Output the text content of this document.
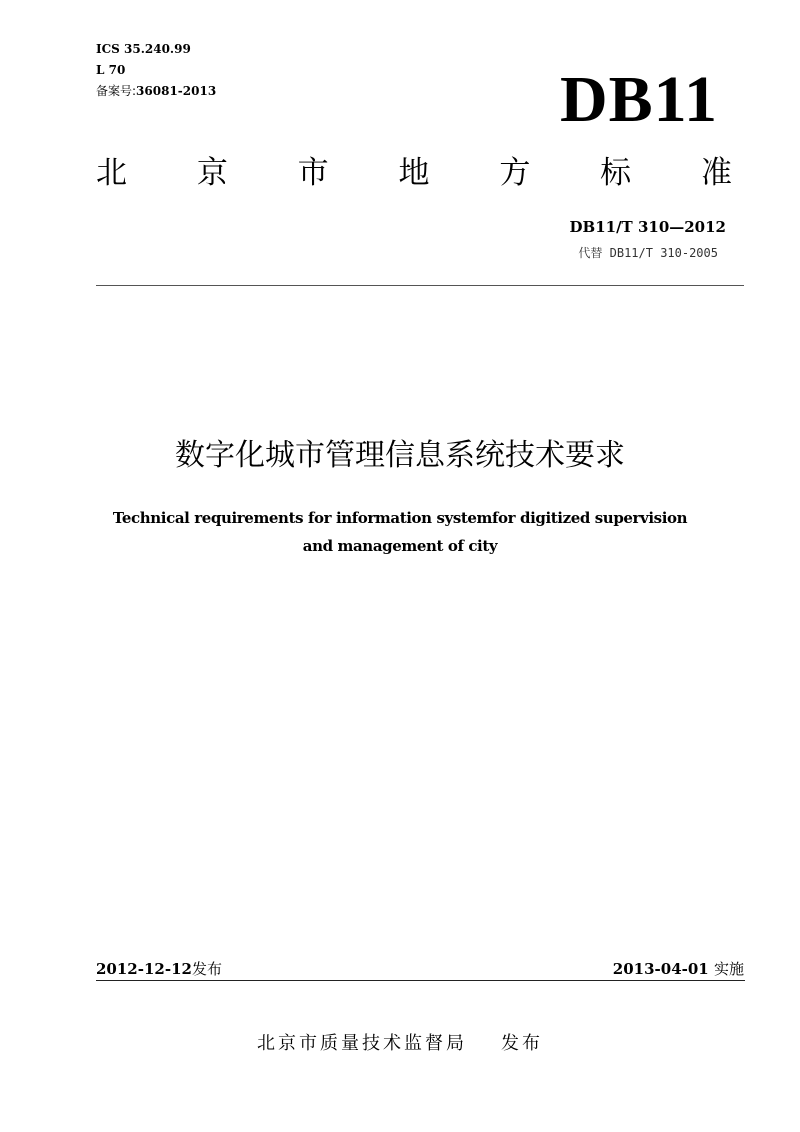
ICS 35.240.99
L 70
备案号:36081-2013	DB11
北 京 市 地 方 标 准
DB11/T 310—2012
代替 DB11/T 310-2005
数字化城市管理信息系统技术要求
Technical requirements for information systemfor digitized supervision
and management of city
2012-12-12发布	2013-04-01 实施
北京市质量技术监督局 发布
